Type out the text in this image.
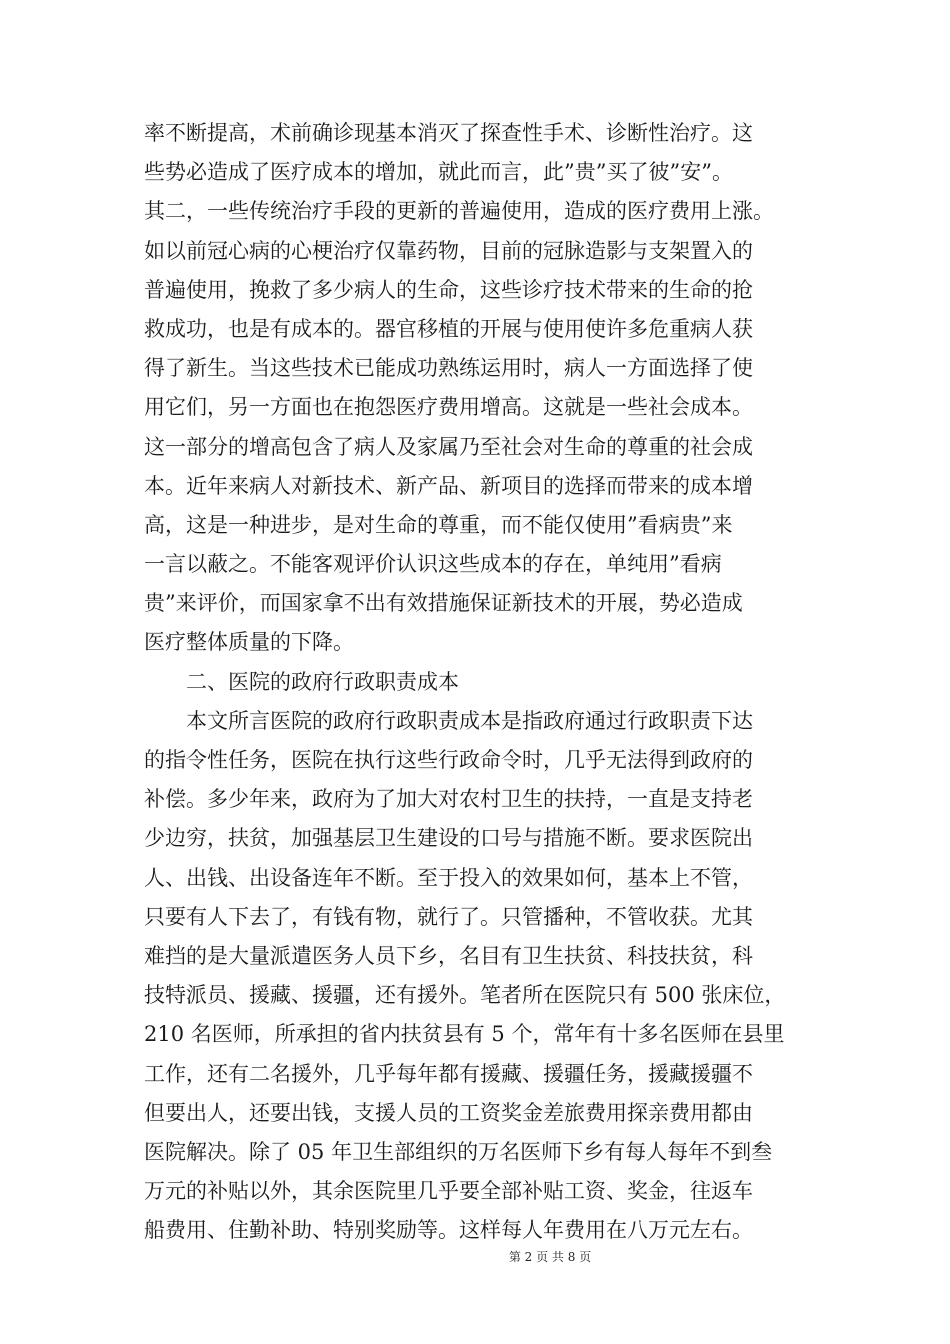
率不断提高，术前确诊现基本消灭了探查性手术、诊断性治疗。这
些势必造成了医疗成本的增加，就此而言，此”贵”买了彼”安”。
其二，一些传统治疗手段的更新的普遍使用，造成的医疗费用上涨。
如以前冠心病的心梗治疗仅靠药物，目前的冠脉造影与支架置入的
普遍使用，挽救了多少病人的生命，这些诊疗技术带来的生命的抢
救成功，也是有成本的。器官移植的开展与使用使许多危重病人获
得了新生。当这些技术已能成功熟练运用时，病人一方面选择了使
用它们，另一方面也在抱怨医疗费用增高。这就是一些社会成本。
这一部分的增高包含了病人及家属乃至社会对生命的尊重的社会成
本。近年来病人对新技术、新产品、新项目的选择而带来的成本增
高，这是一种进步，是对生命的尊重，而不能仅使用”看病贵”来
一言以蔽之。不能客观评价认识这些成本的存在，单纯用”看病
贵”来评价，而国家拿不出有效措施保证新技术的开展，势必造成
医疗整体质量的下降。
　　二、医院的政府行政职责成本
　　本文所言医院的政府行政职责成本是指政府通过行政职责下达
的指令性任务，医院在执行这些行政命令时，几乎无法得到政府的
补偿。多少年来，政府为了加大对农村卫生的扶持，一直是支持老
少边穷，扶贫，加强基层卫生建设的口号与措施不断。要求医院出
人、出钱、出设备连年不断。至于投入的效果如何，基本上不管，
只要有人下去了，有钱有物，就行了。只管播种，不管收获。尤其
难挡的是大量派遣医务人员下乡，名目有卫生扶贫、科技扶贫，科
技特派员、援藏、援疆，还有援外。笔者所在医院只有 500 张床位，
210 名医师，所承担的省内扶贫县有 5 个，常年有十多名医师在县里
工作，还有二名援外，几乎每年都有援藏、援疆任务，援藏援疆不
但要出人，还要出钱，支援人员的工资奖金差旅费用探亲费用都由
医院解决。除了 05 年卫生部组织的万名医师下乡有每人每年不到叁
万元的补贴以外，其余医院里几乎要全部补贴工资、奖金，往返车
船费用、住勤补助、特别奖励等。这样每人年费用在八万元左右。
第 2 页 共 8 页
